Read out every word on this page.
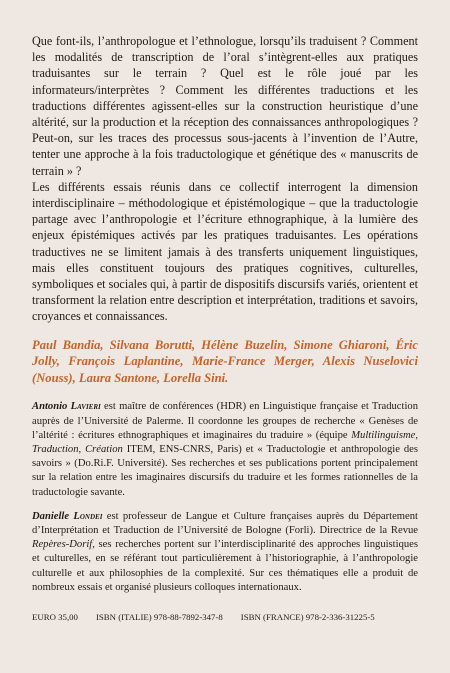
Que font-ils, l’anthropologue et l’ethnologue, lorsqu’ils traduisent ? Comment les modalités de transcription de l’oral s’intègrent-elles aux pratiques traduisantes sur le terrain ? Quel est le rôle joué par les informateurs/interprètes ? Comment les différentes traductions et les traductions différentes agissent-elles sur la construction heuristique d’une altérité, sur la production et la réception des connaissances anthropologiques ? Peut-on, sur les traces des processus sous-jacents à l’invention de l’Autre, tenter une approche à la fois traductologique et génétique des « manuscrits de terrain » ?

Les différents essais réunis dans ce collectif interrogent la dimension interdisciplinaire – méthodologique et épistémologique – que la traductologie partage avec l’anthropologie et l’écriture ethnographique, à la lumière des enjeux épistémiques activés par les pratiques traduisantes. Les opérations traductives ne se limitent jamais à des transferts uniquement linguistiques, mais elles constituent toujours des pratiques cognitives, culturelles, symboliques et sociales qui, à partir de dispositifs discursifs variés, orientent et transforment la relation entre description et interprétation, traditions et savoirs, croyances et connaissances.

Paul Bandia, Silvana Borutti, Hélène Buzelin, Simone Ghiaroni, Éric Jolly, François Laplantine, Marie-France Merger, Alexis Nuselovici (Nouss), Laura Santone, Lorella Sini.

Antonio Lavieri est maître de conférences (HDR) en Linguistique française et Traduction auprès de l’Université de Palerme. Il coordonne les groupes de recherche « Genèses de l’altérité : écritures ethnographiques et imaginaires du traduire » (équipe Multilinguisme, Traduction, Création ITEM, ENS-CNRS, Paris) et « Traductologie et anthropologie des savoirs » (Do.Ri.F. Université). Ses recherches et ses publications portent principalement sur la relation entre les imaginaires discursifs du traduire et les formes rationnelles de la traductologie savante.

Danielle Londei est professeur de Langue et Culture françaises auprès du Département d’Interprétation et Traduction de l’Université de Bologne (Forlì). Directrice de la Revue Repères-Dorif, ses recherches portent sur l’interdisciplinarité des approches linguistiques et culturelles, en se référant tout particulièrement à l’historiographie, à l’anthropologie culturelle et aux philosophies de la complexité. Sur ces thématiques elle a produit de nombreux essais et organisé plusieurs colloques internationaux.

EURO 35,00 ISBN (ITALIE) 978-88-7892-347-8 ISBN (FRANCE) 978-2-336-31225-5
